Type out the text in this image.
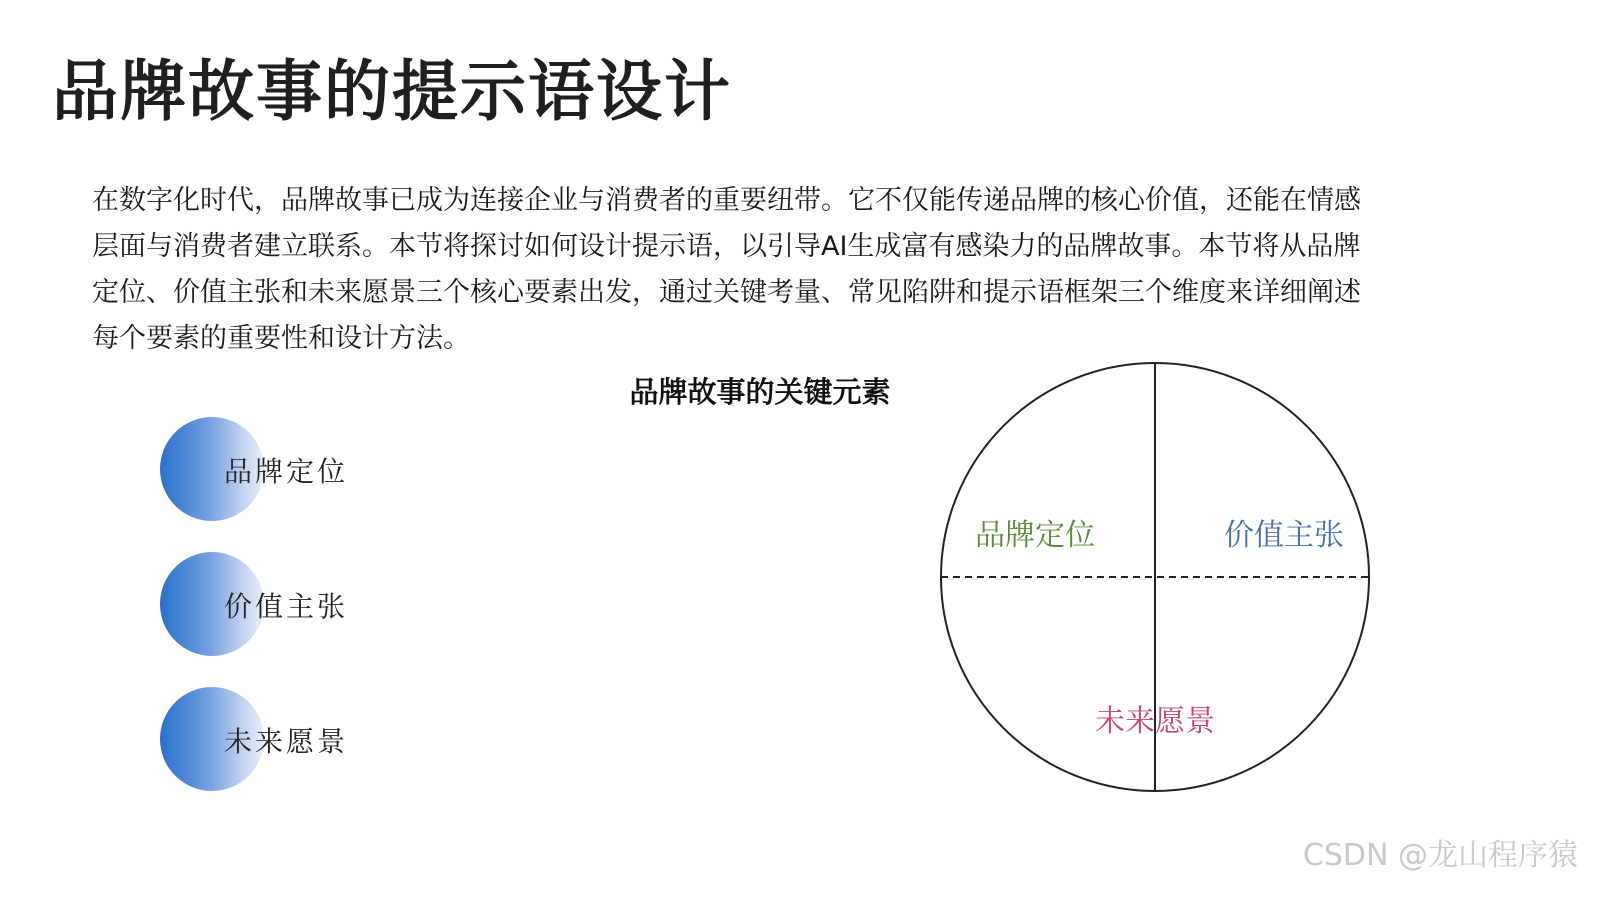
品牌故事的提示语设计
在数字化时代，品牌故事已成为连接企业与消费者的重要纽带。它不仅能传递品牌的核心价值，还能在情感
层面与消费者建立联系。本节将探讨如何设计提示语，以引导AI生成富有感染力的品牌故事。本节将从品牌
定位、价值主张和未来愿景三个核心要素出发，通过关键考量、常见陷阱和提示语框架三个维度来详细阐述
每个要素的重要性和设计方法。
品牌故事的关键元素
品牌定位
价值主张
未来愿景
品牌定位	价值主张
未来愿景
CSDN @龙山程序猿
